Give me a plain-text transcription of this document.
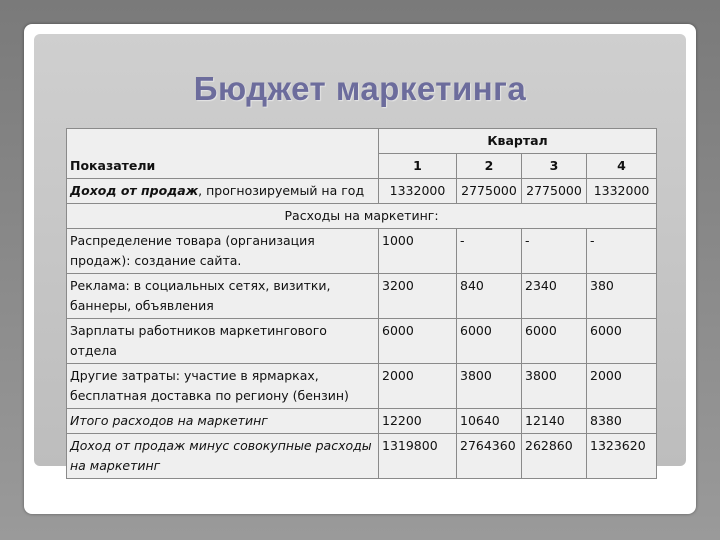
Бюджет маркетинга
Показатели	Квартал			
	1	2	3	4
Доход от продаж, прогнозируемый на год	1332000	2775000	2775000	1332000
Расходы на маркетинг:				
Распределение товара (организация продаж): создание сайта.	1000	-	-	-
Реклама: в социальных сетях, визитки, баннеры, объявления	3200	840	2340	380
Зарплаты работников маркетингового отдела	6000	6000	6000	6000
Другие затраты: участие в ярмарках, бесплатная доставка по региону (бензин)	2000	3800	3800	2000
Итого расходов на маркетинг	12200	10640	12140	8380
Доход от продаж минус совокупные расходы на маркетинг	1319800	2764360	262860	1323620
